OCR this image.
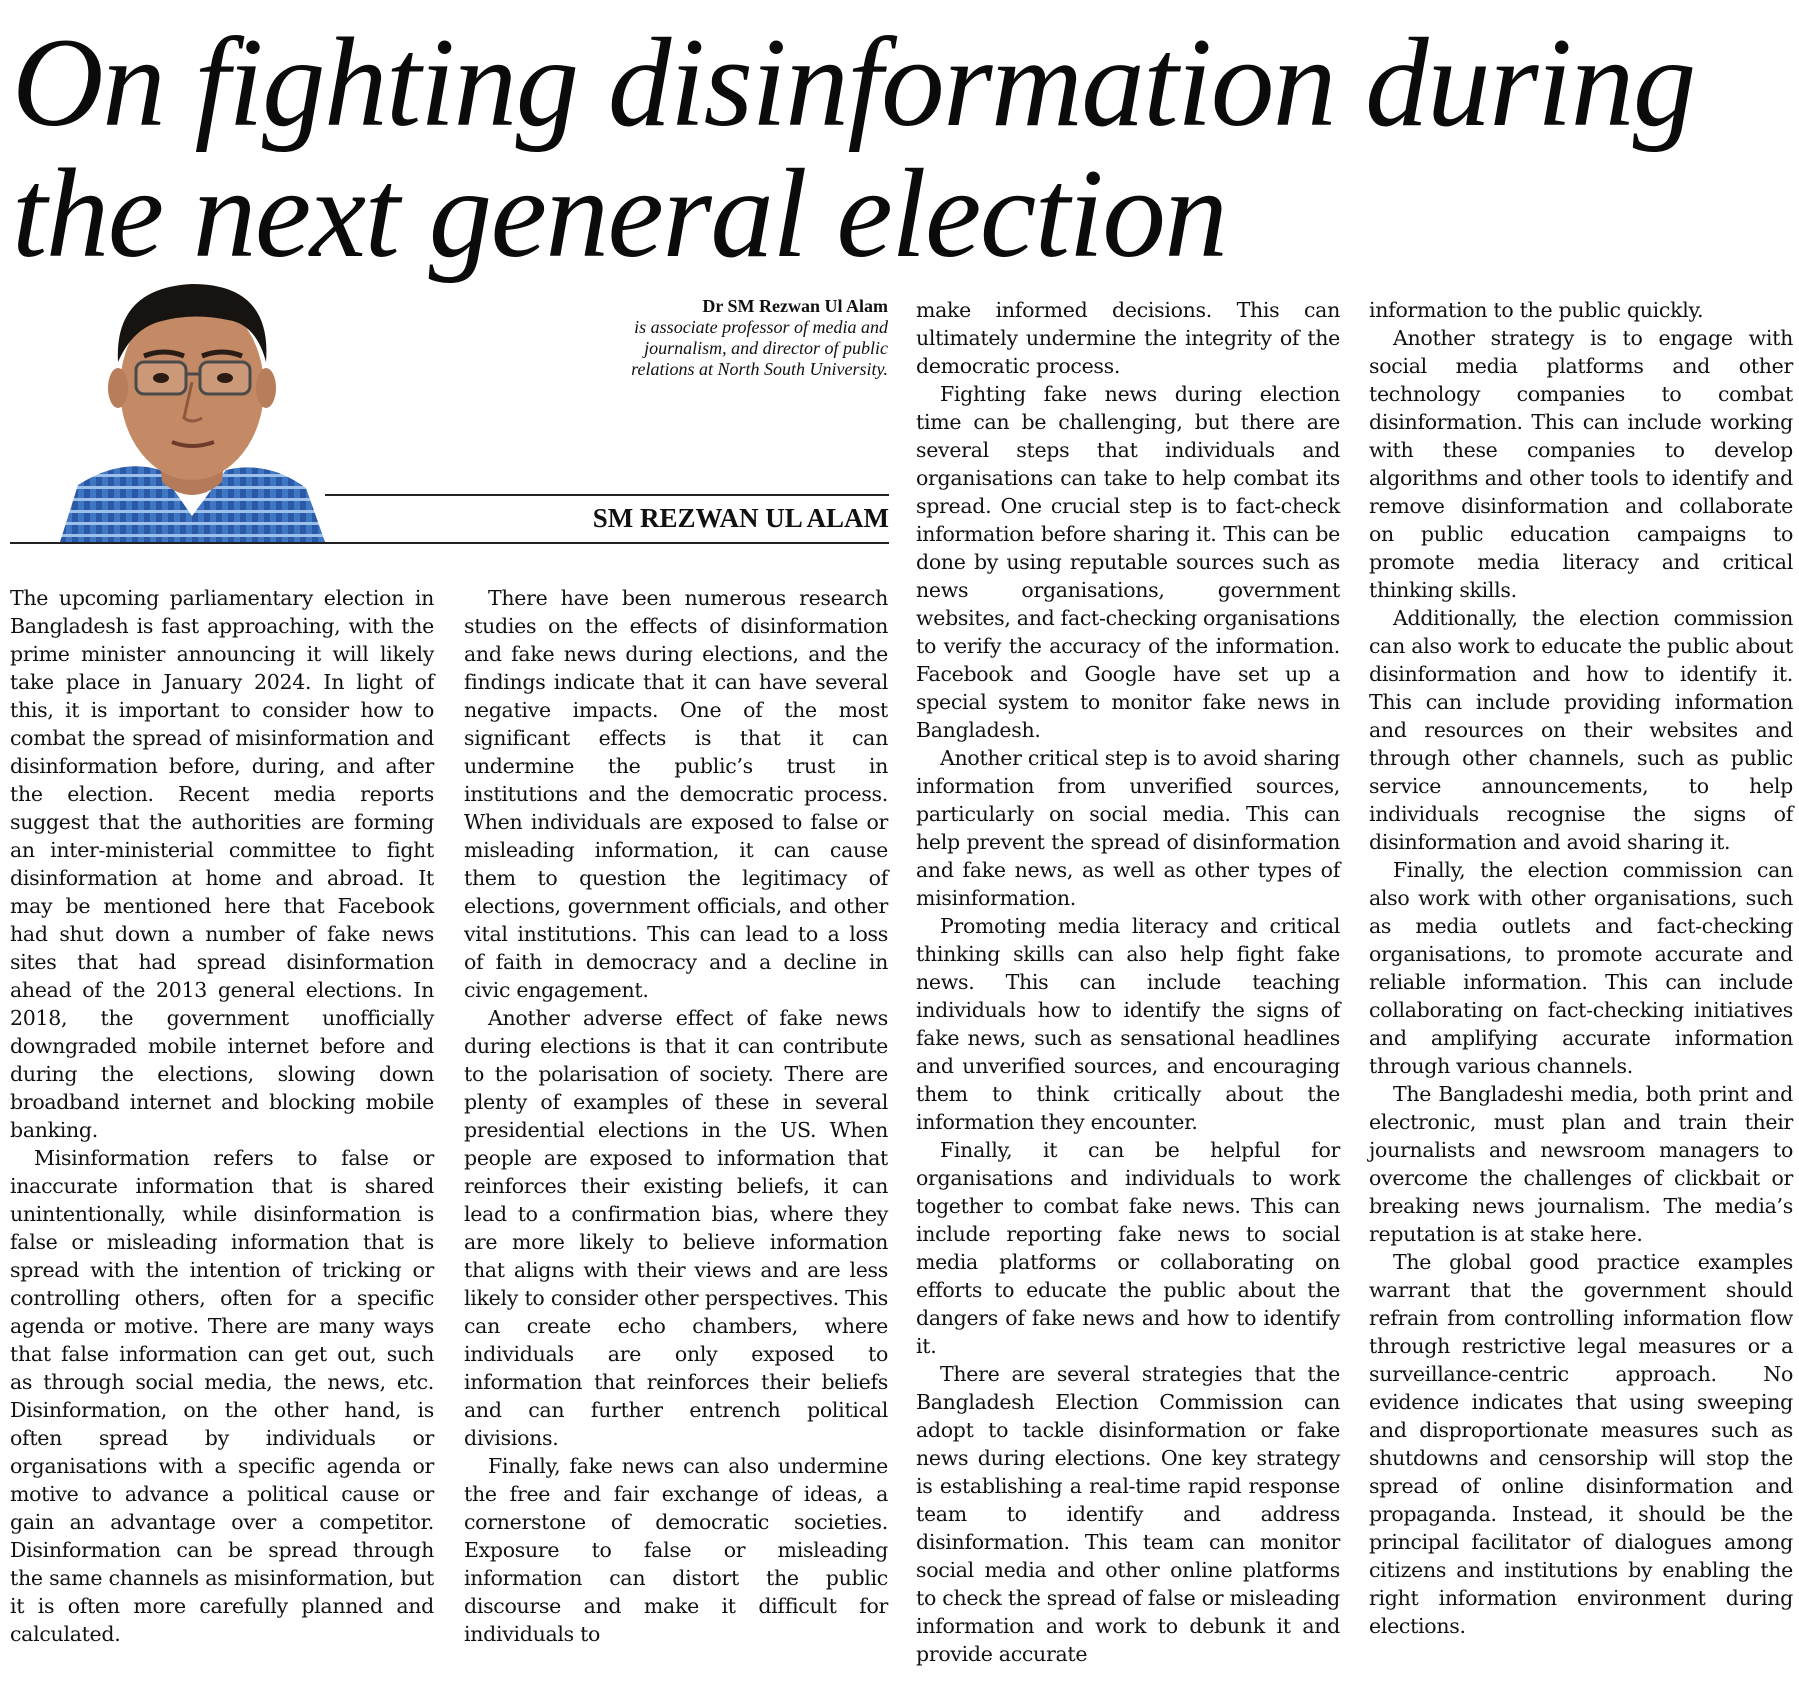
On fighting disinformation during
the next general election
Dr SM Rezwan Ul Alam
is associate professor of media and
journalism, and director of public
relations at North South University.
SM REZWAN UL ALAM

The upcoming parliamentary election in Bangladesh is fast approaching, with the prime minister announcing it will likely take place in January 2024. In light of this, it is important to consider how to combat the spread of misinformation and disinformation before, during, and after the election. Recent media reports suggest that the authorities are forming an inter-ministerial committee to fight disinformation at home and abroad. It may be mentioned here that Facebook had shut down a number of fake news sites that had spread disinformation ahead of the 2013 general elections. In 2018, the government unofficially downgraded mobile internet before and during the elections, slowing down broadband internet and blocking mobile banking.

Misinformation refers to false or inaccurate information that is shared unintentionally, while disinformation is false or misleading information that is spread with the intention of tricking or controlling others, often for a specific agenda or motive. There are many ways that false information can get out, such as through social media, the news, etc. Disinformation, on the other hand, is often spread by individuals or organisations with a specific agenda or motive to advance a political cause or gain an advantage over a competitor. Disinformation can be spread through the same channels as misinformation, but it is often more carefully planned and calculated.

There have been numerous research studies on the effects of disinformation and fake news during elections, and the findings indicate that it can have several negative impacts. One of the most significant effects is that it can undermine the public’s trust in institutions and the democratic process. When individuals are exposed to false or misleading information, it can cause them to question the legitimacy of elections, government officials, and other vital institutions. This can lead to a loss of faith in democracy and a decline in civic engagement.

Another adverse effect of fake news during elections is that it can contribute to the polarisation of society. There are plenty of examples of these in several presidential elections in the US. When people are exposed to information that reinforces their existing beliefs, it can lead to a confirmation bias, where they are more likely to believe information that aligns with their views and are less likely to consider other perspectives. This can create echo chambers, where individuals are only exposed to information that reinforces their beliefs and can further entrench political divisions.

Finally, fake news can also undermine the free and fair exchange of ideas, a cornerstone of democratic societies. Exposure to false or misleading information can distort the public discourse and make it difficult for individuals to

make informed decisions. This can ultimately undermine the integrity of the democratic process.

Fighting fake news during election time can be challenging, but there are several steps that individuals and organisations can take to help combat its spread. One crucial step is to fact-check information before sharing it. This can be done by using reputable sources such as news organisations, government websites, and fact-checking organisations to verify the accuracy of the information. Facebook and Google have set up a special system to monitor fake news in Bangladesh.

Another critical step is to avoid sharing information from unverified sources, particularly on social media. This can help prevent the spread of disinformation and fake news, as well as other types of misinformation.

Promoting media literacy and critical thinking skills can also help fight fake news. This can include teaching individuals how to identify the signs of fake news, such as sensational headlines and unverified sources, and encouraging them to think critically about the information they encounter.

Finally, it can be helpful for organisations and individuals to work together to combat fake news. This can include reporting fake news to social media platforms or collaborating on efforts to educate the public about the dangers of fake news and how to identify it.

There are several strategies that the Bangladesh Election Commission can adopt to tackle disinformation or fake news during elections. One key strategy is establishing a real-time rapid response team to identify and address disinformation. This team can monitor social media and other online platforms to check the spread of false or misleading information and work to debunk it and provide accurate

information to the public quickly.

Another strategy is to engage with social media platforms and other technology companies to combat disinformation. This can include working with these companies to develop algorithms and other tools to identify and remove disinformation and collaborate on public education campaigns to promote media literacy and critical thinking skills.

Additionally, the election commission can also work to educate the public about disinformation and how to identify it. This can include providing information and resources on their websites and through other channels, such as public service announcements, to help individuals recognise the signs of disinformation and avoid sharing it.

Finally, the election commission can also work with other organisations, such as media outlets and fact-checking organisations, to promote accurate and reliable information. This can include collaborating on fact-checking initiatives and amplifying accurate information through various channels.

The Bangladeshi media, both print and electronic, must plan and train their journalists and newsroom managers to overcome the challenges of clickbait or breaking news journalism. The media’s reputation is at stake here.

The global good practice examples warrant that the government should refrain from controlling information flow through restrictive legal measures or a surveillance-centric approach. No evidence indicates that using sweeping and disproportionate measures such as shutdowns and censorship will stop the spread of online disinformation and propaganda. Instead, it should be the principal facilitator of dialogues among citizens and institutions by enabling the right information environment during elections.
